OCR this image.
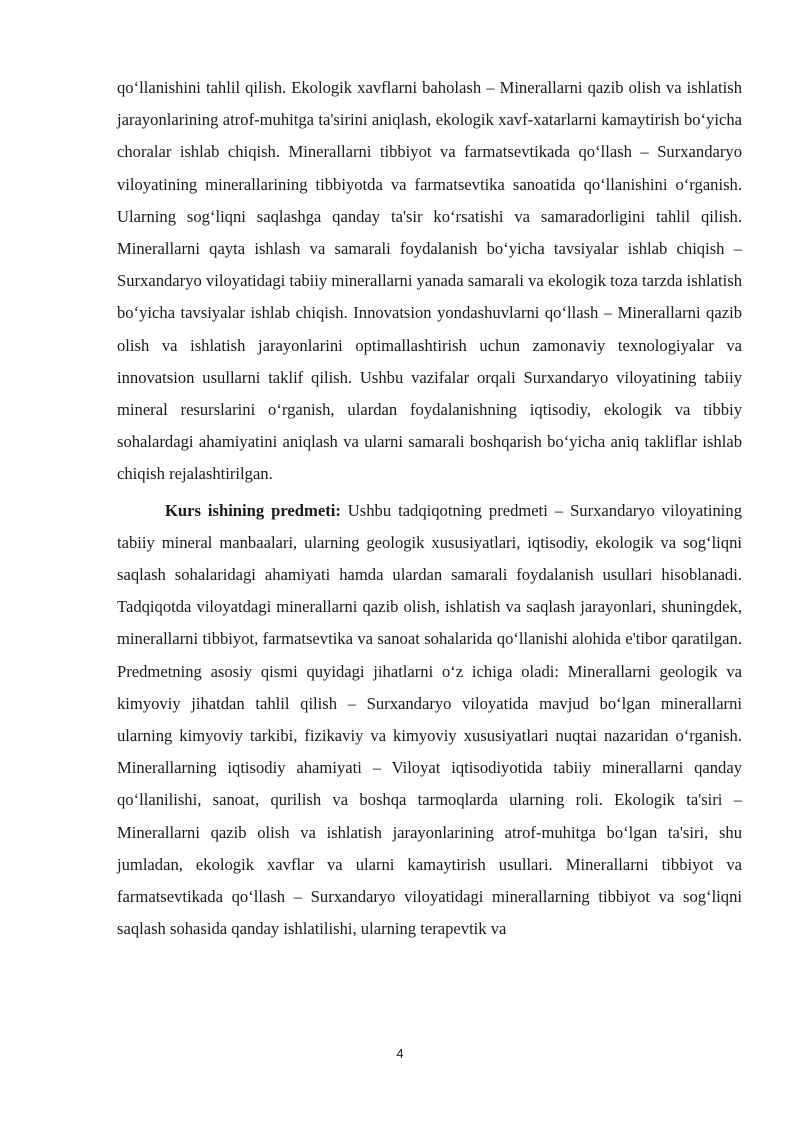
qo‘llanishini tahlil qilish. Ekologik xavflarni baholash – Minerallarni qazib olish va ishlatish jarayonlarining atrof-muhitga ta'sirini aniqlash, ekologik xavf-xatarlarni kamaytirish bo‘yicha choralar ishlab chiqish. Minerallarni tibbiyot va farmatsevtikada qo‘llash – Surxandaryo viloyatining minerallarining tibbiyotda va farmatsevtika sanoatida qo‘llanishini o‘rganish. Ularning sog‘liqni saqlashga qanday ta'sir ko‘rsatishi va samaradorligini tahlil qilish. Minerallarni qayta ishlash va samarali foydalanish bo‘yicha tavsiyalar ishlab chiqish – Surxandaryo viloyatidagi tabiiy minerallarni yanada samarali va ekologik toza tarzda ishlatish bo‘yicha tavsiyalar ishlab chiqish. Innovatsion yondashuvlarni qo‘llash – Minerallarni qazib olish va ishlatish jarayonlarini optimallashtirish uchun zamonaviy texnologiyalar va innovatsion usullarni taklif qilish. Ushbu vazifalar orqali Surxandaryo viloyatining tabiiy mineral resurslarini o‘rganish, ulardan foydalanishning iqtisodiy, ekologik va tibbiy sohalardagi ahamiyatini aniqlash va ularni samarali boshqarish bo‘yicha aniq takliflar ishlab chiqish rejalashtirilgan.

Kurs ishining predmeti: Ushbu tadqiqotning predmeti – Surxandaryo viloyatining tabiiy mineral manbaalari, ularning geologik xususiyatlari, iqtisodiy, ekologik va sog‘liqni saqlash sohalaridagi ahamiyati hamda ulardan samarali foydalanish usullari hisoblanadi. Tadqiqotda viloyatdagi minerallarni qazib olish, ishlatish va saqlash jarayonlari, shuningdek, minerallarni tibbiyot, farmatsevtika va sanoat sohalarida qo‘llanishi alohida e'tibor qaratilgan. Predmetning asosiy qismi quyidagi jihatlarni o‘z ichiga oladi: Minerallarni geologik va kimyoviy jihatdan tahlil qilish – Surxandaryo viloyatida mavjud bo‘lgan minerallarni ularning kimyoviy tarkibi, fizikaviy va kimyoviy xususiyatlari nuqtai nazaridan o‘rganish. Minerallarning iqtisodiy ahamiyati – Viloyat iqtisodiyotida tabiiy minerallarni qanday qo‘llanilishi, sanoat, qurilish va boshqa tarmoqlarda ularning roli. Ekologik ta'siri – Minerallarni qazib olish va ishlatish jarayonlarining atrof-muhitga bo‘lgan ta'siri, shu jumladan, ekologik xavflar va ularni kamaytirish usullari. Minerallarni tibbiyot va farmatsevtikada qo‘llash – Surxandaryo viloyatidagi minerallarning tibbiyot va sog‘liqni saqlash sohasida qanday ishlatilishi, ularning terapevtik va

4
